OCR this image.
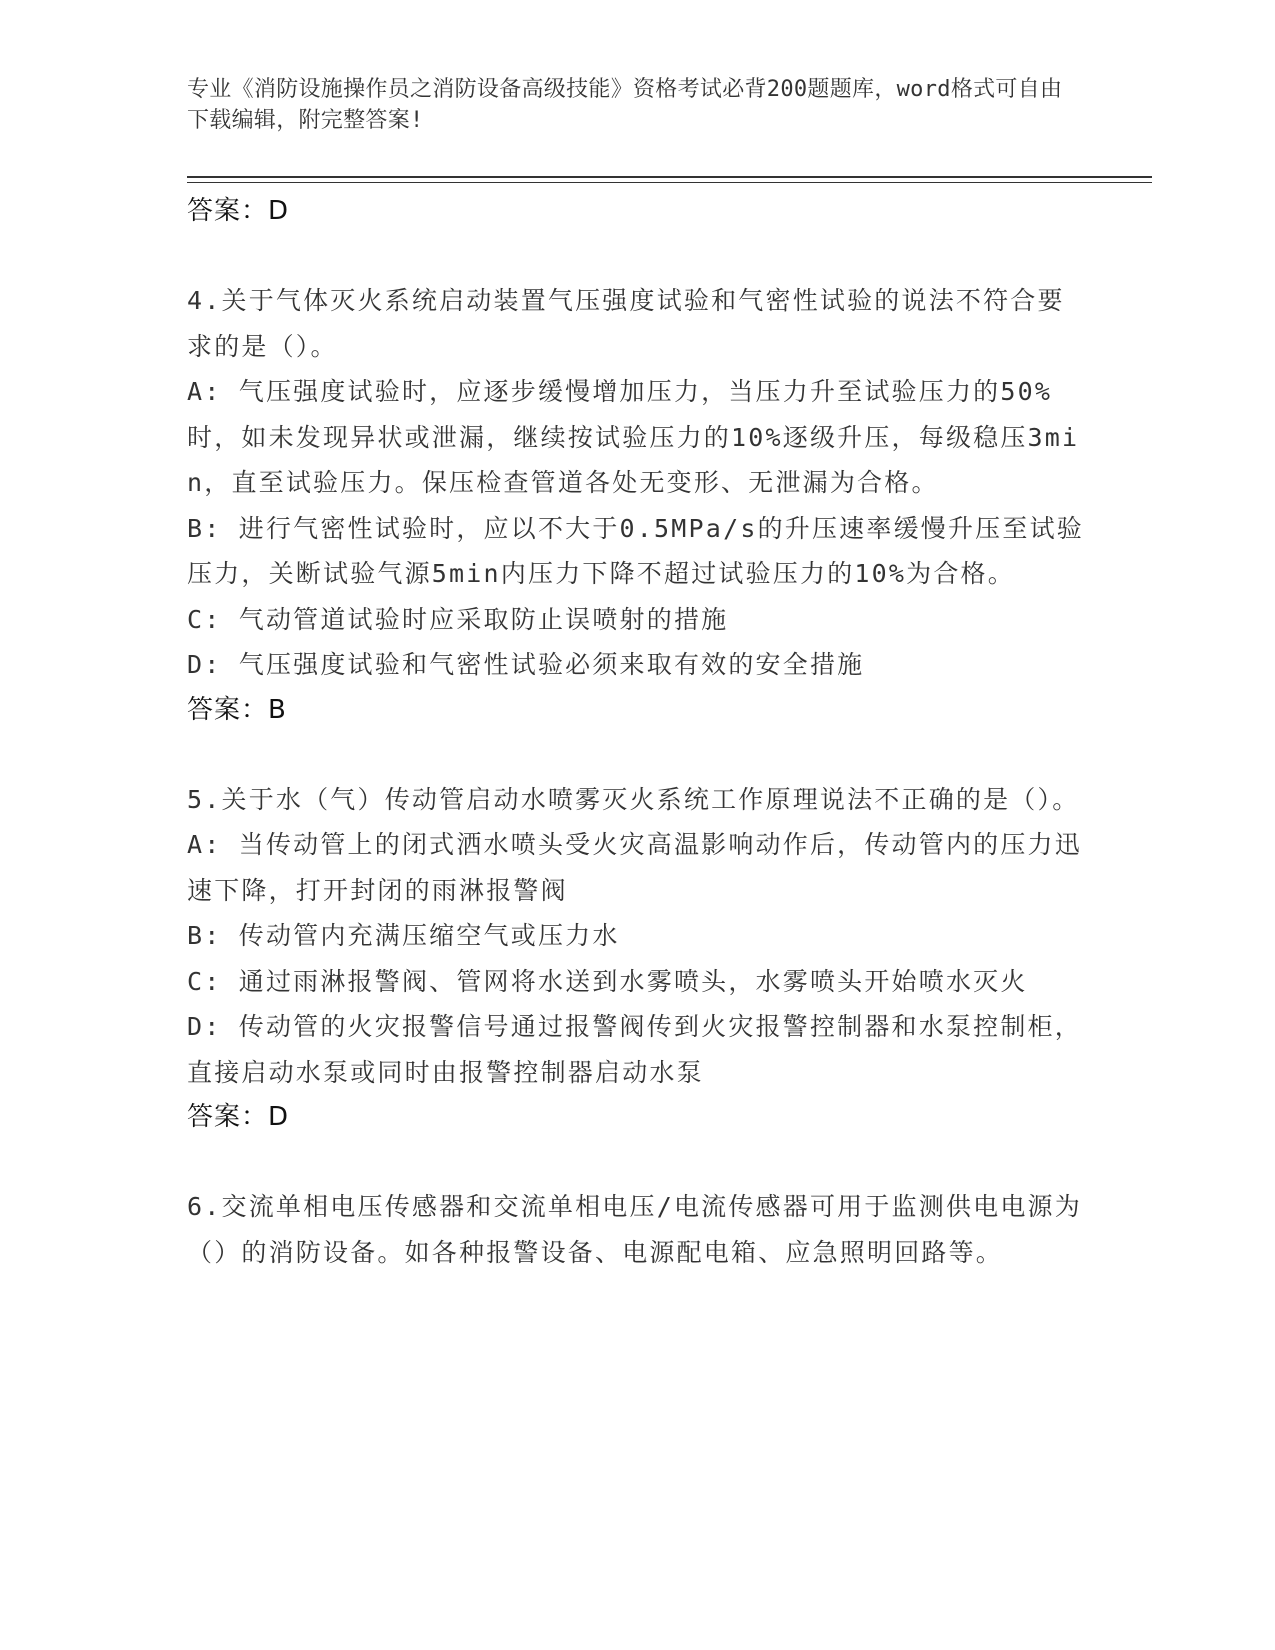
专业《消防设施操作员之消防设备高级技能》资格考试必背200题题库，word格式可自由下载编辑，附完整答案!
答案：D
4.关于气体灭火系统启动装置气压强度试验和气密性试验的说法不符合要求的是（）。
A: 气压强度试验时，应逐步缓慢增加压力，当压力升至试验压力的50%时，如未发现异状或泄漏，继续按试验压力的10%逐级升压，每级稳压3min，直至试验压力。保压检查管道各处无变形、无泄漏为合格。
B: 进行气密性试验时，应以不大于0.5MPa/s的升压速率缓慢升压至试验压力，关断试验气源5min内压力下降不超过试验压力的10%为合格。
C: 气动管道试验时应采取防止误喷射的措施
D: 气压强度试验和气密性试验必须来取有效的安全措施
答案：B
5.关于水（气）传动管启动水喷雾灭火系统工作原理说法不正确的是（）。
A: 当传动管上的闭式洒水喷头受火灾高温影响动作后，传动管内的压力迅速下降，打开封闭的雨淋报警阀
B: 传动管内充满压缩空气或压力水
C: 通过雨淋报警阀、管网将水送到水雾喷头，水雾喷头开始喷水灭火
D: 传动管的火灾报警信号通过报警阀传到火灾报警控制器和水泵控制柜，直接启动水泵或同时由报警控制器启动水泵
答案：D
6.交流单相电压传感器和交流单相电压/电流传感器可用于监测供电电源为（）的消防设备。如各种报警设备、电源配电箱、应急照明回路等。
